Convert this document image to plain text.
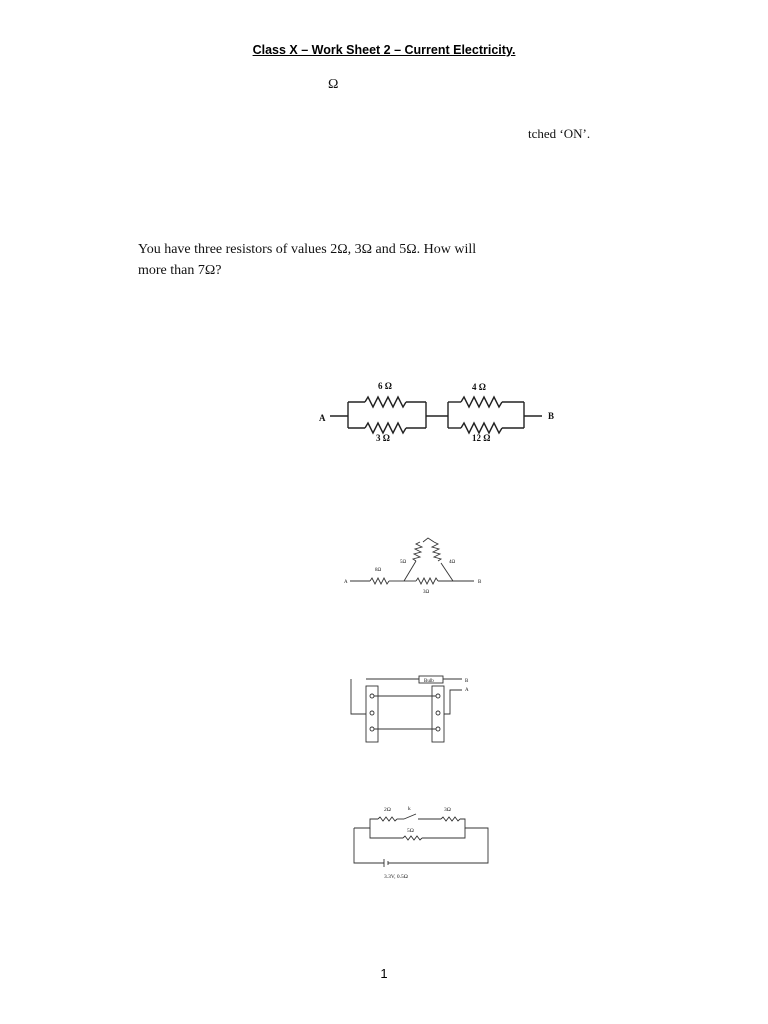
Class X – Work Sheet 2 – Current Electricity.

Ω

tched ‘ON’.

You have three resistors of values 2Ω, 3Ω and 5Ω. How will

more than 7Ω?

A	B
6 Ω
3 Ω
4 Ω
12 Ω
A	B
8Ω
5Ω	4Ω
3Ω
Bulb	B
A
2Ω	k	3Ω
5Ω
3.3V, 0.5Ω

1
